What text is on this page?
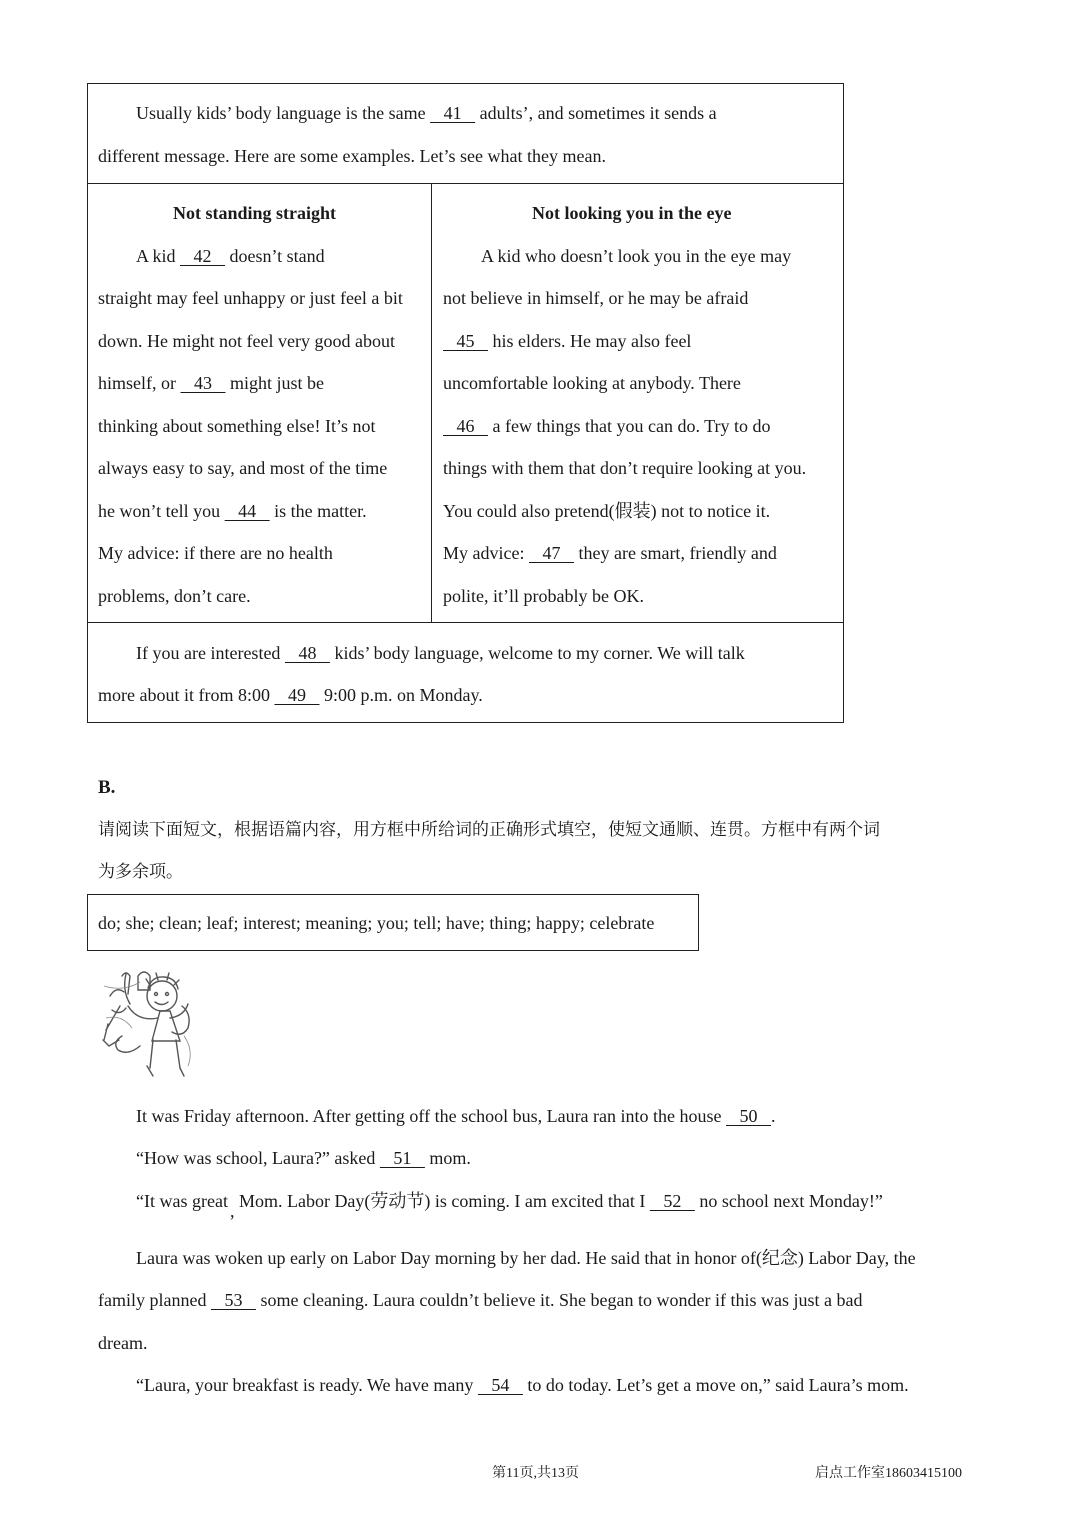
Usually kids’ body language is the same    41    adults’, and sometimes it sends a
different message. Here are some examples. Let’s see what they mean.
Not standing straight
A kid    42    doesn’t stand
straight may feel unhappy or just feel a bit
down. He might not feel very good about
himself, or    43    might just be
thinking about something else! It’s not
always easy to say, and most of the time
he won’t tell you    44    is the matter.
My advice: if there are no health
problems, don’t care.
Not looking you in the eye
A kid who doesn’t look you in the eye may
not believe in himself, or he may be afraid
45    his elders. He may also feel
uncomfortable looking at anybody. There
46    a few things that you can do. Try to do
things with them that don’t require looking at you.
You could also pretend(假装) not to notice it.
My advice:    47    they are smart, friendly and
polite, it’ll probably be OK.
If you are interested    48    kids’ body language, welcome to my corner. We will talk
more about it from 8:00    49    9:00 p.m. on Monday.
B.
请阅读下面短文，根据语篇内容，用方框中所给词的正确形式填空，使短文通顺、连贯。方框中有两个词
为多余项。
do; she; clean; leaf; interest; meaning; you; tell; have; thing; happy; celebrate
It was Friday afternoon. After getting off the school bus, Laura ran into the house    50   .
“How was school, Laura?” asked    51    mom.
“It was great , Mom. Labor Day(劳动节) is coming. I am excited that I    52    no school next Monday!”
Laura was woken up early on Labor Day morning by her dad. He said that in honor of(纪念) Labor Day, the
family planned    53    some cleaning. Laura couldn’t believe it. She began to wonder if this was just a bad
dream.
“Laura, your breakfast is ready. We have many    54    to do today. Let’s get a move on,” said Laura’s mom.
第11页,共13页	启点工作室18603415100
